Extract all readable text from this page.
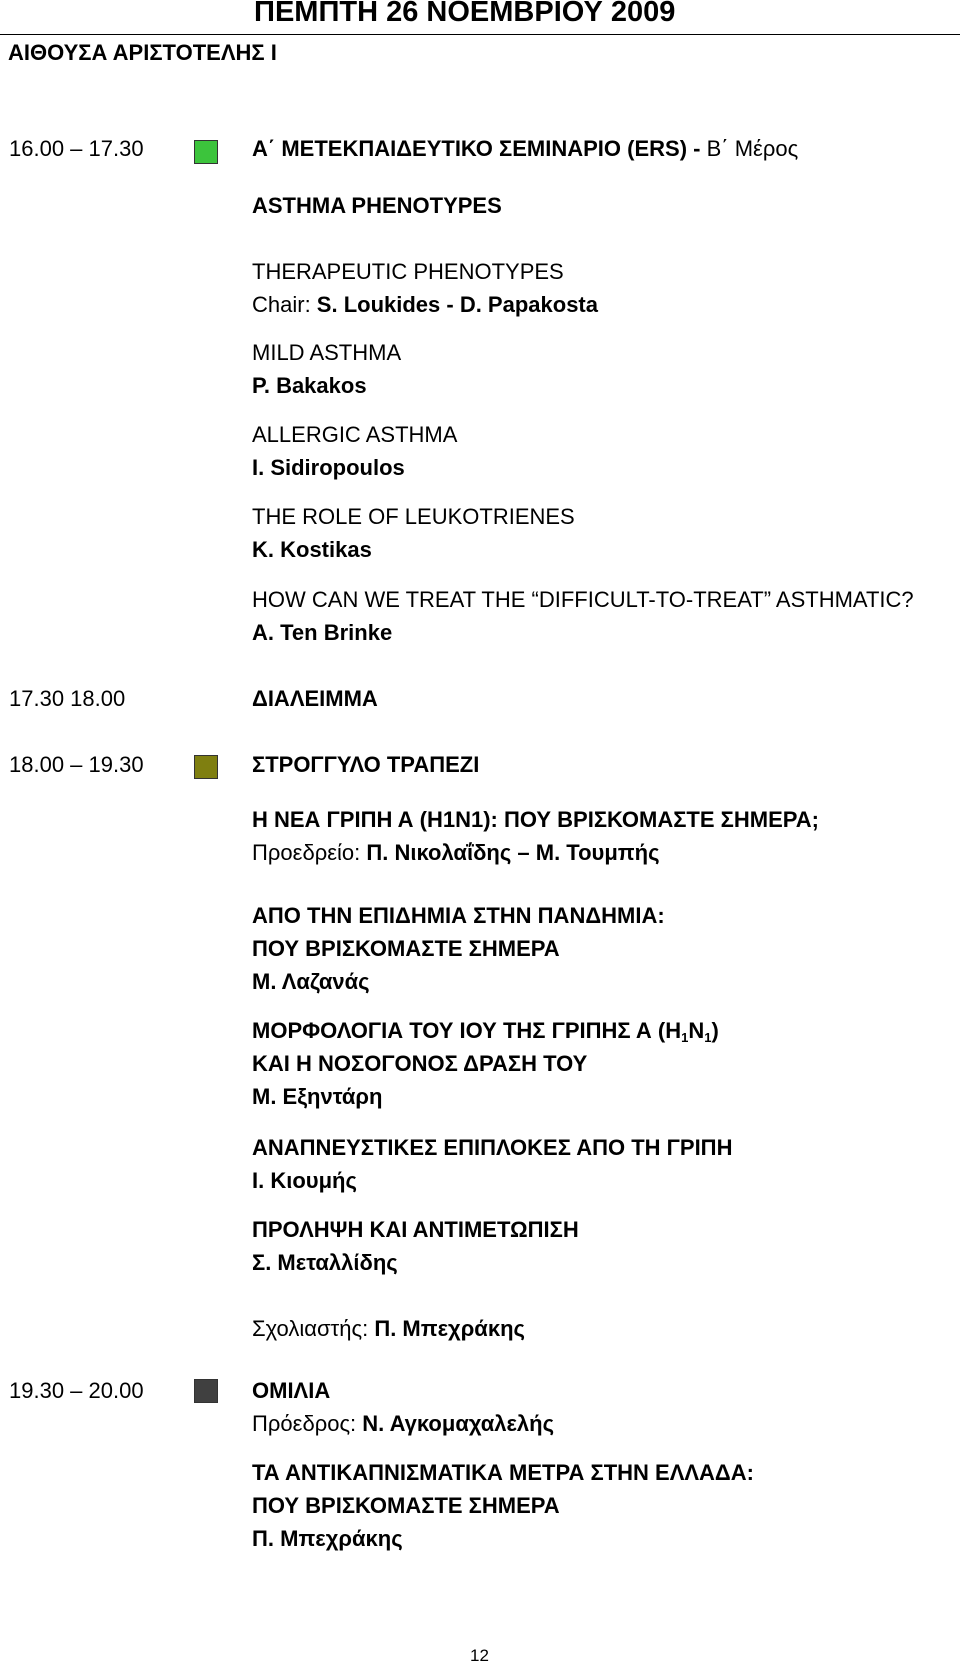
ΠΕΜΠΤΗ 26 ΝΟΕΜΒΡΙΟΥ 2009
ΑΙΘΟΥΣΑ ΑΡΙΣΤΟΤΕΛΗΣ Ι
16.00 – 17.30	Α΄ ΜΕΤΕΚΠΑΙΔΕΥΤΙΚΟ ΣΕΜΙΝΑΡΙΟ (ERS) - Β΄ Μέρος
ASTHMA PHENOTYPES
THERAPEUTIC PHENOTYPES
Chair: S. Loukides - D. Papakosta
MILD ASTHMA
P. Bakakos
ALLERGIC ASTHMA
I. Sidiropoulos
THE ROLE OF LEUKOTRIENES
K. Kostikas
HOW CAN WE TREAT THE “DIFFICULT-TO-TREAT” ASTHMATIC?
A. Ten Brinke
17.30 18.00	ΔΙΑΛΕΙΜΜΑ
18.00 – 19.30	ΣΤΡΟΓΓΥΛΟ ΤΡΑΠΕΖΙ
Η ΝΕΑ ΓΡΙΠΗ Α (Η1Ν1): ΠΟΥ ΒΡΙΣΚΟΜΑΣΤΕ ΣΗΜΕΡΑ;
Προεδρείο: Π. Νικολαΐδης – Μ. Τουμπής
ΑΠΟ ΤΗΝ ΕΠΙΔΗΜΙΑ ΣΤΗΝ ΠΑΝΔΗΜΙΑ:
ΠΟΥ ΒΡΙΣΚΟΜΑΣΤΕ ΣΗΜΕΡΑ
Μ. Λαζανάς
ΜΟΡΦΟΛΟΓΙΑ ΤΟΥ ΙΟΥ ΤΗΣ ΓΡΙΠΗΣ Α $(H_1N_1)$
ΚΑΙ Η ΝΟΣΟΓΟΝΟΣ ΔΡΑΣΗ ΤΟΥ
Μ. Εξηντάρη
ΑΝΑΠΝΕΥΣΤΙΚΕΣ ΕΠΙΠΛΟΚΕΣ ΑΠΟ ΤΗ ΓΡΙΠΗ
Ι. Κιουμής
ΠΡΟΛΗΨΗ ΚΑΙ ΑΝΤΙΜΕΤΩΠΙΣΗ
Σ. Μεταλλίδης
Σχολιαστής: Π. Μπεχράκης
19.30 – 20.00	ΟΜΙΛΙΑ
Πρόεδρος: Ν. Αγκομαχαλελής
ΤΑ ΑΝΤΙΚΑΠΝΙΣΜΑΤΙΚΑ ΜΕΤΡΑ ΣΤΗΝ ΕΛΛΑΔΑ:
ΠΟΥ ΒΡΙΣΚΟΜΑΣΤΕ ΣΗΜΕΡΑ
Π. Μπεχράκης
12
